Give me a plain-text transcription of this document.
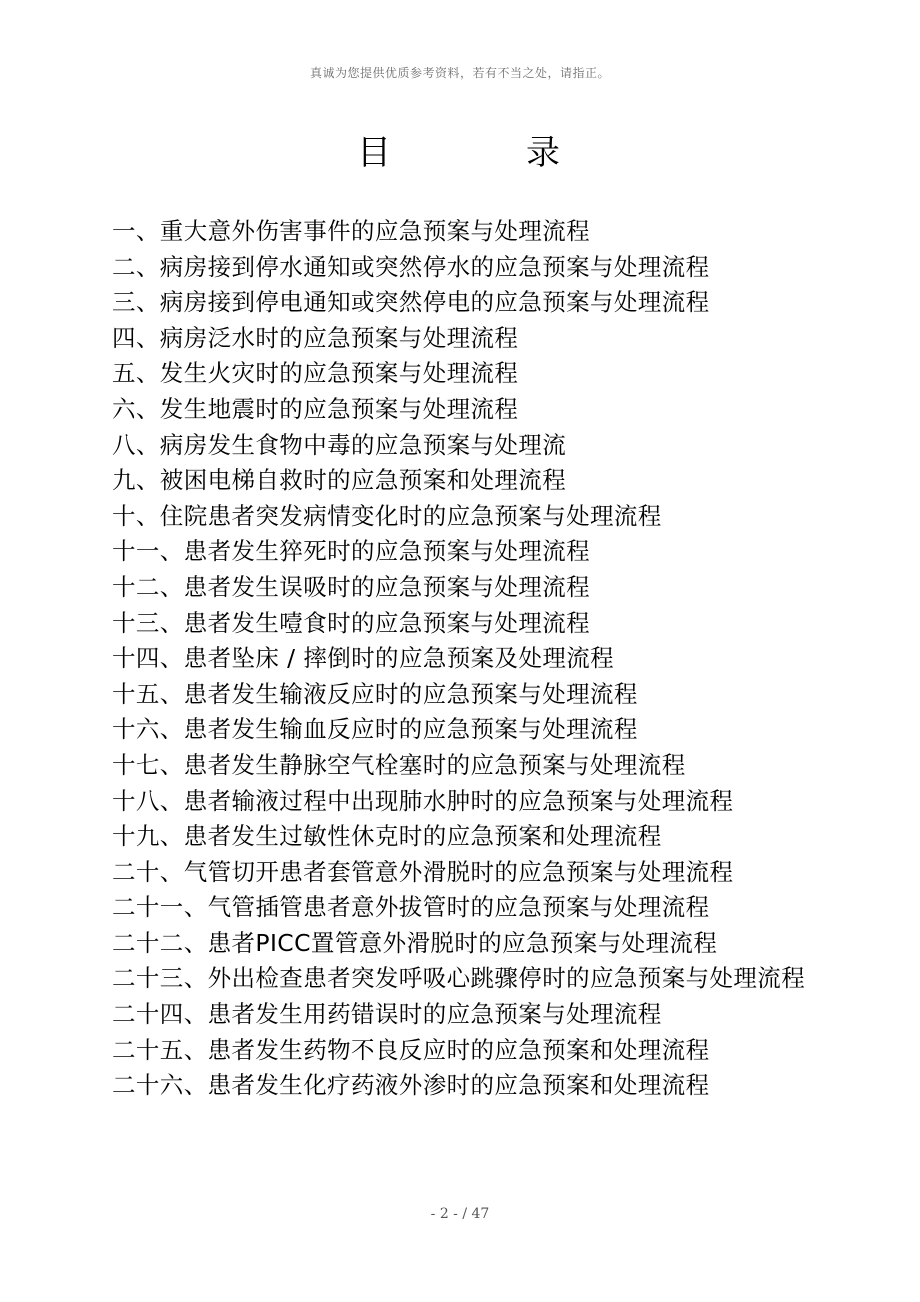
真诚为您提供优质参考资料，若有不当之处，请指正。
目	录
一、重大意外伤害事件的应急预案与处理流程
二、病房接到停水通知或突然停水的应急预案与处理流程
三、病房接到停电通知或突然停电的应急预案与处理流程
四、病房泛水时的应急预案与处理流程
五、发生火灾时的应急预案与处理流程
六、发生地震时的应急预案与处理流程
八、病房发生食物中毒的应急预案与处理流
九、被困电梯自救时的应急预案和处理流程
十、住院患者突发病情变化时的应急预案与处理流程
十一、患者发生猝死时的应急预案与处理流程
十二、患者发生误吸时的应急预案与处理流程
十三、患者发生噎食时的应急预案与处理流程
十四、患者坠床 / 摔倒时的应急预案及处理流程
十五、患者发生输液反应时的应急预案与处理流程
十六、患者发生输血反应时的应急预案与处理流程
十七、患者发生静脉空气栓塞时的应急预案与处理流程
十八、患者输液过程中出现肺水肿时的应急预案与处理流程
十九、患者发生过敏性休克时的应急预案和处理流程
二十、气管切开患者套管意外滑脱时的应急预案与处理流程
二十一、气管插管患者意外拔管时的应急预案与处理流程
二十二、患者PICC置管意外滑脱时的应急预案与处理流程
二十三、外出检查患者突发呼吸心跳骤停时的应急预案与处理流程
二十四、患者发生用药错误时的应急预案与处理流程
二十五、患者发生药物不良反应时的应急预案和处理流程
二十六、患者发生化疗药液外渗时的应急预案和处理流程
- 2 - / 47
